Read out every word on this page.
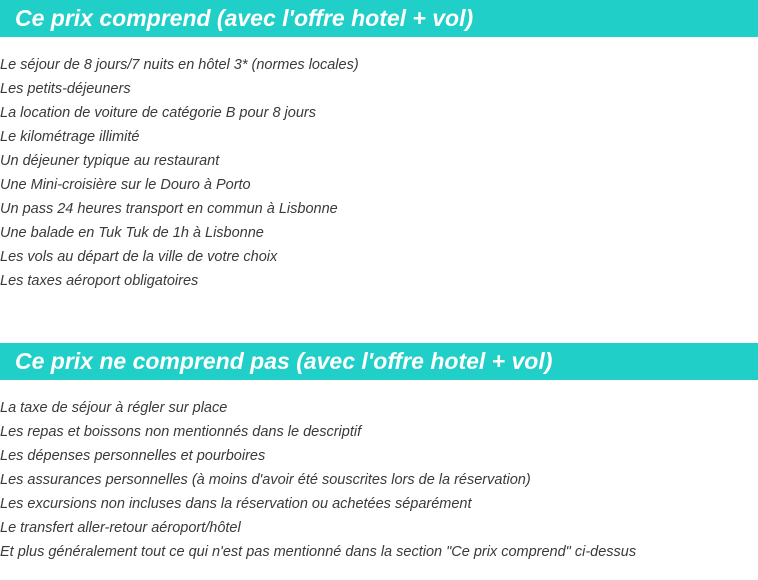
Ce prix comprend (avec l'offre hotel + vol)
Le séjour de 8 jours/7 nuits en hôtel 3* (normes locales)
Les petits-déjeuners
La location de voiture de catégorie B pour 8 jours
Le kilométrage illimité
Un déjeuner typique au restaurant
Une Mini-croisière sur le Douro à Porto
Un pass 24 heures transport en commun à Lisbonne
Une balade en Tuk Tuk de 1h à Lisbonne
Les vols au départ de la ville de votre choix
Les taxes aéroport obligatoires
Ce prix ne comprend pas (avec l'offre hotel + vol)
La taxe de séjour à régler sur place
Les repas et boissons non mentionnés dans le descriptif
Les dépenses personnelles et pourboires
Les assurances personnelles (à moins d'avoir été souscrites lors de la réservation)
Les excursions non incluses dans la réservation ou achetées séparément
Le transfert aller-retour aéroport/hôtel
Et plus généralement tout ce qui n'est pas mentionné dans la section "Ce prix comprend" ci-dessus
